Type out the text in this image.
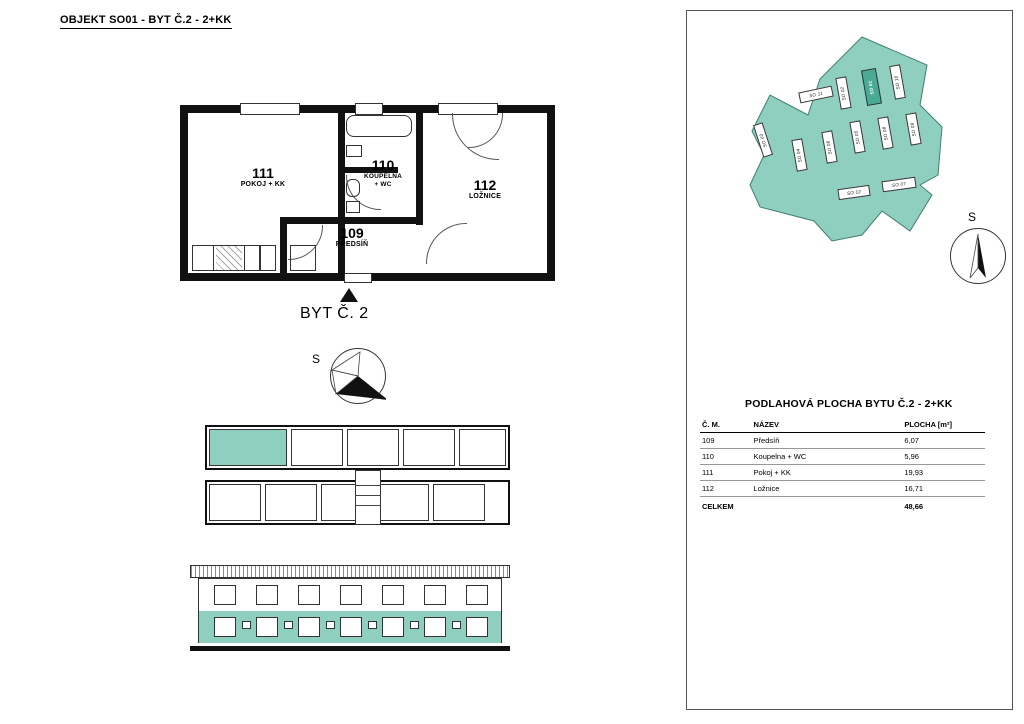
OBJEKT SO01 - BYT Č.2 - 2+KK
111
POKOJ + KK
110
KOUPELNA
+ WC	112
LOŽNICE
109
PŘEDSÍŇ
BYT Č. 2
S
SO 03
SO 11	SO 02	SO 01	SO 10
SO 04
SO 06
SO 05	SO 08	SO 09
SO 12
SO 07
S
PODLAHOVÁ PLOCHA BYTU Č.2 - 2+KK
Č. M.	NÁZEV	PLOCHA [m²]
109	Předsíň	6,07
110	Koupelna + WC	5,96
111	Pokoj + KK	19,93
112	Ložnice	16,71
CELKEM		48,66
